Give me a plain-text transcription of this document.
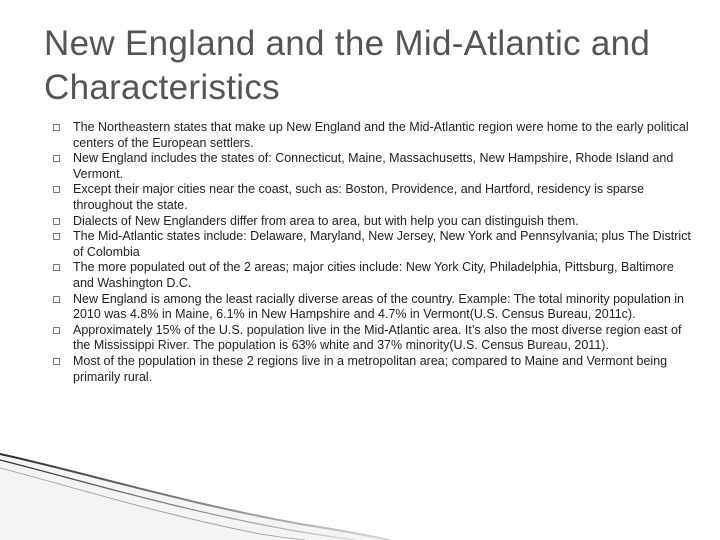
New England and the Mid-Atlantic and
Characteristics
The Northeastern states that make up New England and the Mid-Atlantic region were home to the early political centers of the European settlers.
New England includes the states of: Connecticut, Maine, Massachusetts, New Hampshire, Rhode Island and Vermont.
Except their major cities near the coast, such as: Boston, Providence, and Hartford, residency is sparse throughout the state.
Dialects of New Englanders differ from area to area, but with help you can distinguish them.
The Mid-Atlantic states include: Delaware, Maryland, New Jersey, New York and Pennsylvania; plus The District of Colombia
The more populated out of the 2 areas; major cities include: New York City, Philadelphia, Pittsburg, Baltimore and Washington D.C.
New England is among the least racially diverse areas of the country. Example: The total minority population in 2010 was 4.8% in Maine, 6.1% in New Hampshire and 4.7% in Vermont(U.S. Census Bureau, 2011c).
Approximately 15% of the U.S. population live in the Mid-Atlantic area. It’s also the most diverse region east of the Mississippi River. The population is 63% white and 37% minority(U.S. Census Bureau, 2011).
Most of the population in these 2 regions live in a metropolitan area; compared to Maine and Vermont being primarily rural.
